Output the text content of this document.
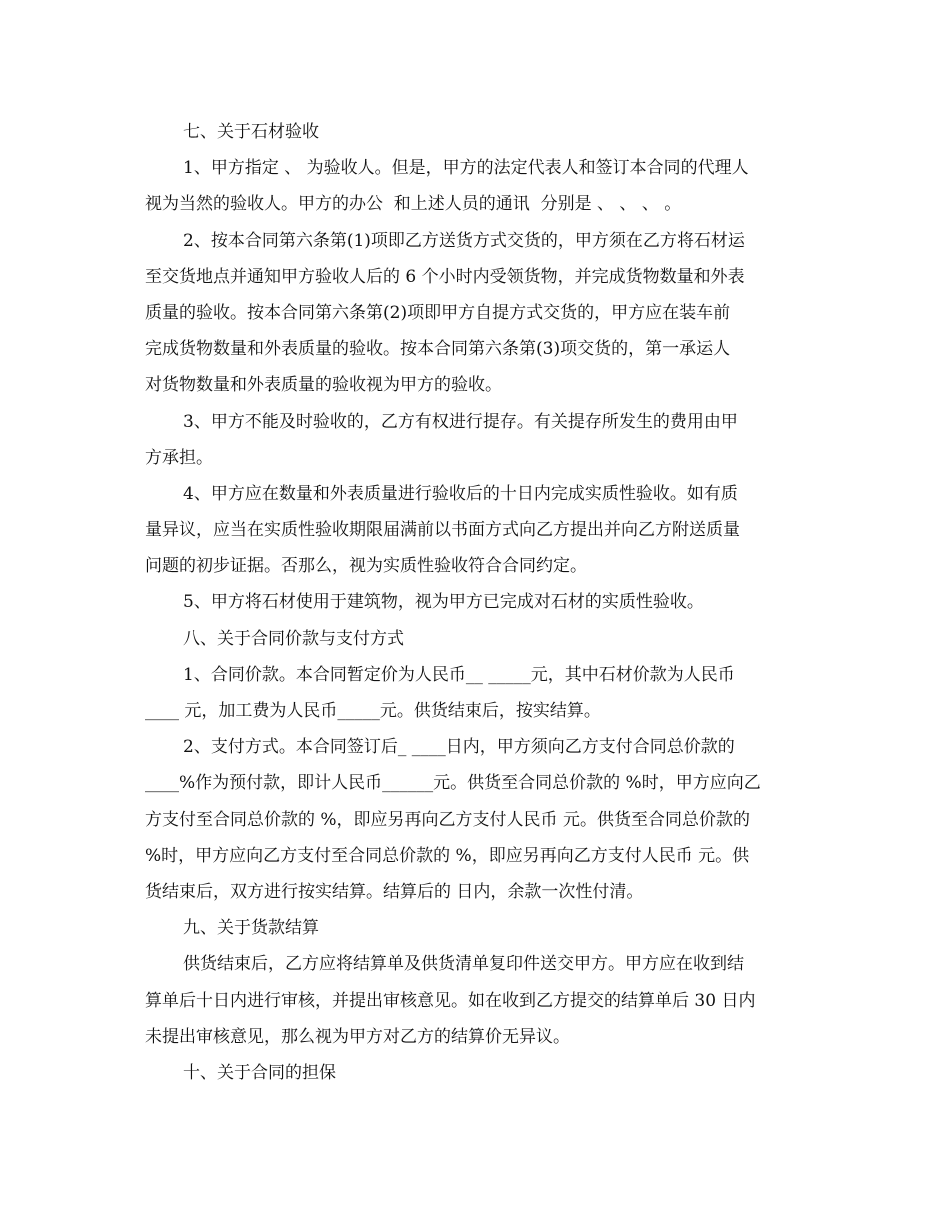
七、关于石材验收
1、甲方指定 、 为验收人。但是，甲方的法定代表人和签订本合同的代理人
视为当然的验收人。甲方的办公  和上述人员的通讯  分别是 、 、 、 。
2、按本合同第六条第(1)项即乙方送货方式交货的，甲方须在乙方将石材运
至交货地点并通知甲方验收人后的 6 个小时内受领货物，并完成货物数量和外表
质量的验收。按本合同第六条第(2)项即甲方自提方式交货的，甲方应在装车前
完成货物数量和外表质量的验收。按本合同第六条第(3)项交货的，第一承运人
对货物数量和外表质量的验收视为甲方的验收。
3、甲方不能及时验收的，乙方有权进行提存。有关提存所发生的费用由甲
方承担。
4、甲方应在数量和外表质量进行验收后的十日内完成实质性验收。如有质
量异议，应当在实质性验收期限届满前以书面方式向乙方提出并向乙方附送质量
问题的初步证据。否那么，视为实质性验收符合合同约定。
5、甲方将石材使用于建筑物，视为甲方已完成对石材的实质性验收。
八、关于合同价款与支付方式
1、合同价款。本合同暂定价为人民币__ _____元，其中石材价款为人民币
____ 元，加工费为人民币_____元。供货结束后，按实结算。
2、支付方式。本合同签订后_ ____日内，甲方须向乙方支付合同总价款的
____%作为预付款，即计人民币______元。供货至合同总价款的 %时，甲方应向乙
方支付至合同总价款的 %，即应另再向乙方支付人民币 元。供货至合同总价款的
%时，甲方应向乙方支付至合同总价款的 %，即应另再向乙方支付人民币 元。供
货结束后，双方进行按实结算。结算后的 日内，余款一次性付清。
九、关于货款结算
供货结束后，乙方应将结算单及供货清单复印件送交甲方。甲方应在收到结
算单后十日内进行审核，并提出审核意见。如在收到乙方提交的结算单后 30 日内
未提出审核意见，那么视为甲方对乙方的结算价无异议。
十、关于合同的担保
